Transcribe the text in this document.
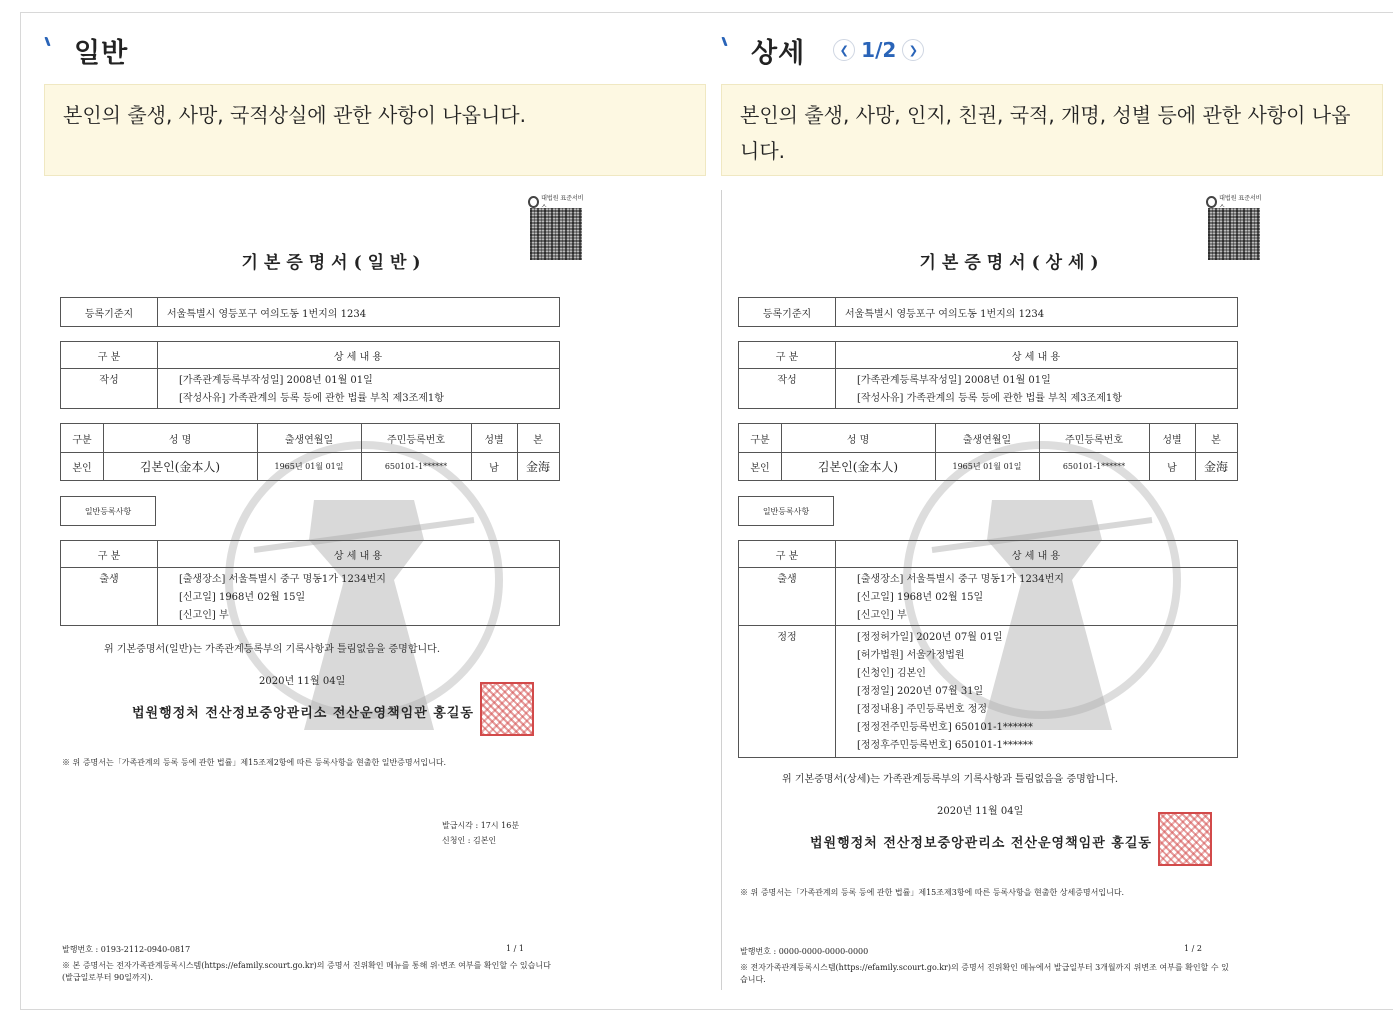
일반
본인의 출생, 사망, 국적상실에 관한 사항이 나옵니다.
대법원 표준서비
기본증명서(일반)
등록기준지	서울특별시 영등포구 여의도동 1번지의 1234
구 분	상 세 내 용
작성	[가족관계등록부작성일] 2008년 01월 01일
[작성사유] 가족관계의 등록 등에 관한 법률 부칙 제3조제1항
구분	성 명	출생연월일	주민등록번호	성별	본
본인	김본인(金本人)	1965년 01월 01일	650101-1******	남	金海
일반등록사항
구 분	상 세 내 용
출생	[출생장소] 서울특별시 중구 명동1가 1234번지
[신고일] 1968년 02월 15일
[신고인] 부
위 기본증명서(일반)는 가족관계등록부의 기록사항과 틀림없음을 증명합니다.
2020년 11월 04일
법원행정처 전산정보중앙관리소 전산운영책임관 홍길동
※ 위 증명서는「가족관계의 등록 등에 관한 법률」제15조제2항에 따른 등록사항을 현출한 일반증명서입니다.
발급시각 : 17시 16분
신청인 : 김본인
발행번호 : 0193-2112-0940-0817	1 / 1
※ 본 증명서는 전자가족관계등록시스템(https://efamily.scourt.go.kr)의 증명서 진위확인 메뉴를 통해 위·변조 여부를 확인할 수 있습니다(발급일로부터 90일까지).
상세	❮ 1/2	❯
본인의 출생, 사망, 인지, 친권, 국적, 개명, 성별 등에 관한 사항이 나옵니다.
대법원 표준서비
기본증명서(상세)
등록기준지	서울특별시 영등포구 여의도동 1번지의 1234
구 분	상 세 내 용
작성	[가족관계등록부작성일] 2008년 01월 01일
[작성사유] 가족관계의 등록 등에 관한 법률 부칙 제3조제1항
구분	성 명	출생연월일	주민등록번호	성별	본
본인	김본인(金本人)	1965년 01월 01일	650101-1******	남	金海
일반등록사항
구 분	상 세 내 용
출생	[출생장소] 서울특별시 중구 명동1가 1234번지
[신고일] 1968년 02월 15일
[신고인] 부
정정	[정정허가일] 2020년 07월 01일
[허가법원] 서울가정법원
[신청인] 김본인
[정정일] 2020년 07월 31일
[정정내용] 주민등록번호 정정
[정정전주민등록번호] 650101-1******
[정정후주민등록번호] 650101-1******
위 기본증명서(상세)는 가족관계등록부의 기록사항과 틀림없음을 증명합니다.
2020년 11월 04일
법원행정처 전산정보중앙관리소 전산운영책임관 홍길동
※ 위 증명서는「가족관계의 등록 등에 관한 법률」제15조제3항에 따른 등록사항을 현출한 상세증명서입니다.
발행번호 : 0000-0000-0000-0000	1 / 2
※ 전자가족관계등록시스템(https://efamily.scourt.go.kr)의 증명서 진위확인 메뉴에서 발급일부터 3개월까지 위변조 여부를 확인할 수 있습니다.
